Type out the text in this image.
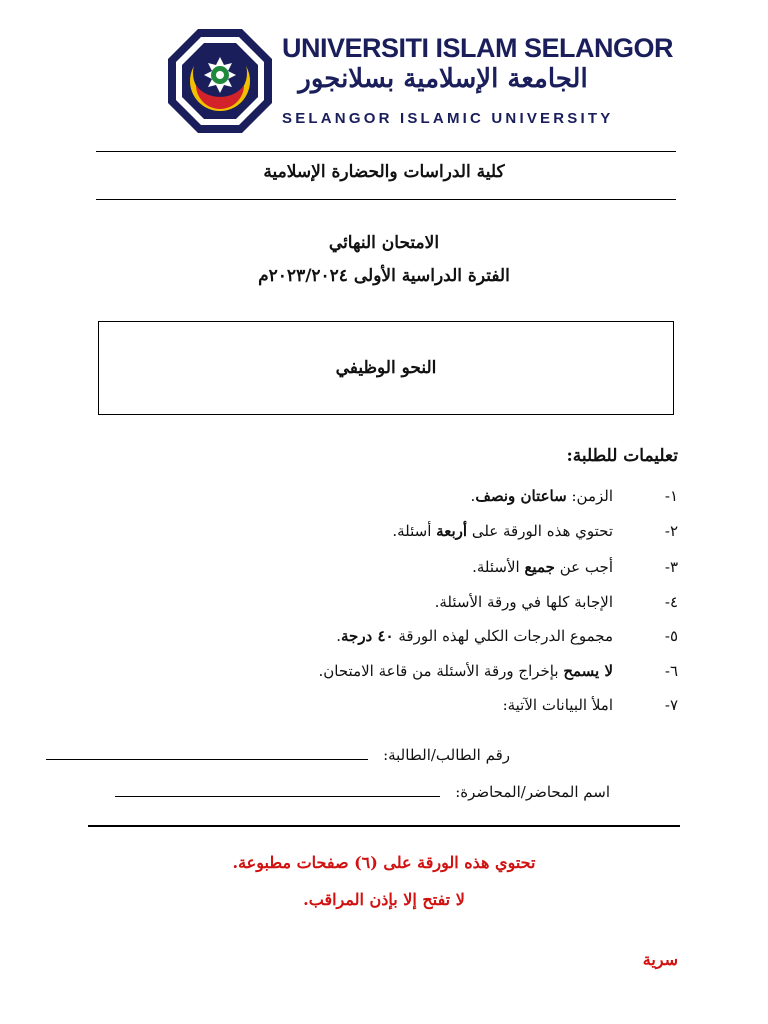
UNIVERSITI ISLAM SELANGOR
الجامعة الإسلامية بسلانجور
SELANGOR ISLAMIC UNIVERSITY
كلية الدراسات والحضارة الإسلامية
الامتحان النهائي
الفترة الدراسية الأولى ٢٠٢٣/٢٠٢٤م
النحو الوظيفي
تعليمات للطلبة:
١-
الزمن: ساعتان ونصف.
٢-
تحتوي هذه الورقة على أربعة أسئلة.
٣-
أجب عن جميع الأسئلة.
٤-
الإجابة كلها في ورقة الأسئلة.
٥-
مجموع الدرجات الكلي لهذه الورقة ٤٠ درجة.
٦-
لا يسمح بإخراج ورقة الأسئلة من قاعة الامتحان.
٧-
املأ البيانات الآتية:
رقم الطالب/الطالبة:
اسم المحاضر/المحاضرة:
تحتوي هذه الورقة على (٦) صفحات مطبوعة.
لا تفتح إلا بإذن المراقب.
سرية
